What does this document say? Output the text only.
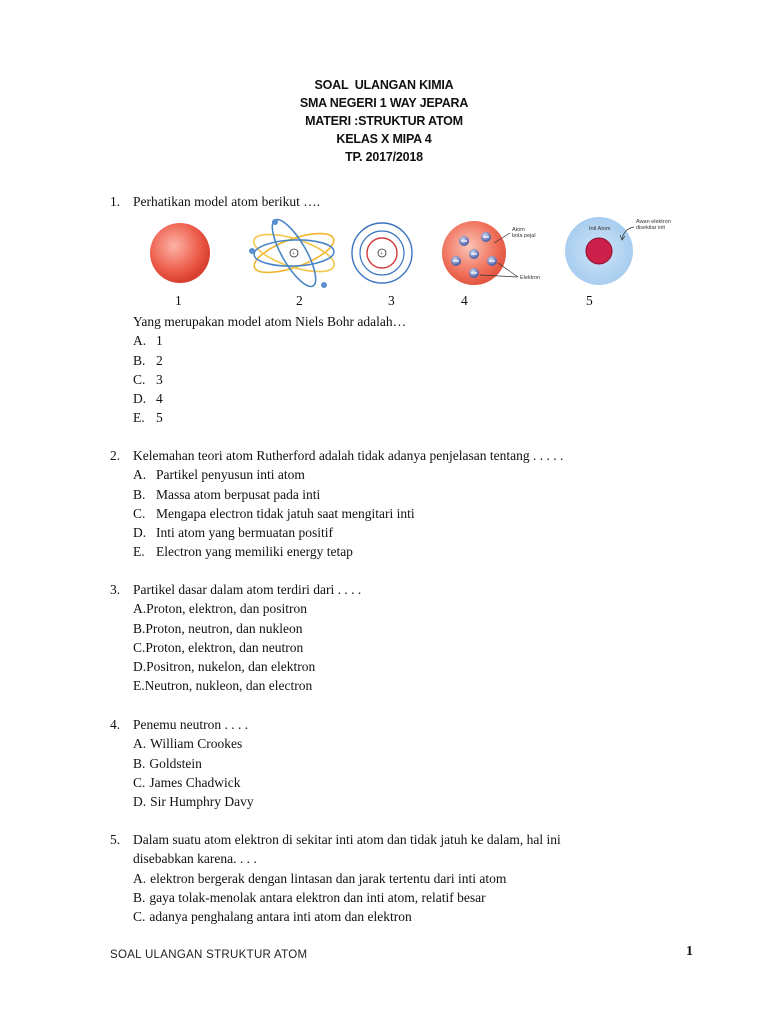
SOAL  ULANGAN KIMIA
SMA NEGERI 1 WAY JEPARA
MATERI :STRUKTUR ATOM
KELAS X MIPA 4
TP. 2017/2018
1. Perhatikan model atom berikut ….
+	+
Atom
bola pejal
Elektron
Inti Atom
Awan elektron
disekitar inti
1	2	3	4	5
Yang merupakan model atom Niels Bohr adalah…
A. 1
B. 2
C. 3
D. 4
E. 5
2. Kelemahan teori atom Rutherford adalah tidak adanya penjelasan tentang . . . . .
A. Partikel penyusun inti atom
B. Massa atom berpusat pada inti
C. Mengapa electron tidak jatuh saat mengitari inti
D. Inti atom yang bermuatan positif
E. Electron yang memiliki energy tetap
3. Partikel dasar dalam atom terdiri dari . . . .
A.Proton, elektron, dan positron
B.Proton, neutron, dan nukleon
C.Proton, elektron, dan neutron
D.Positron, nukelon, dan elektron
E.Neutron, nukleon, dan electron
4. Penemu neutron . . . .
A. William Crookes
B. Goldstein
C. James Chadwick
D. Sir Humphry Davy
5. Dalam suatu atom elektron di sekitar inti atom dan tidak jatuh ke dalam, hal ini
disebabkan karena. . . .
A. elektron bergerak dengan lintasan dan jarak tertentu dari inti atom
B. gaya tolak-menolak antara elektron dan inti atom, relatif besar
C. adanya penghalang antara inti atom dan elektron
SOAL ULANGAN STRUKTUR ATOM	1
